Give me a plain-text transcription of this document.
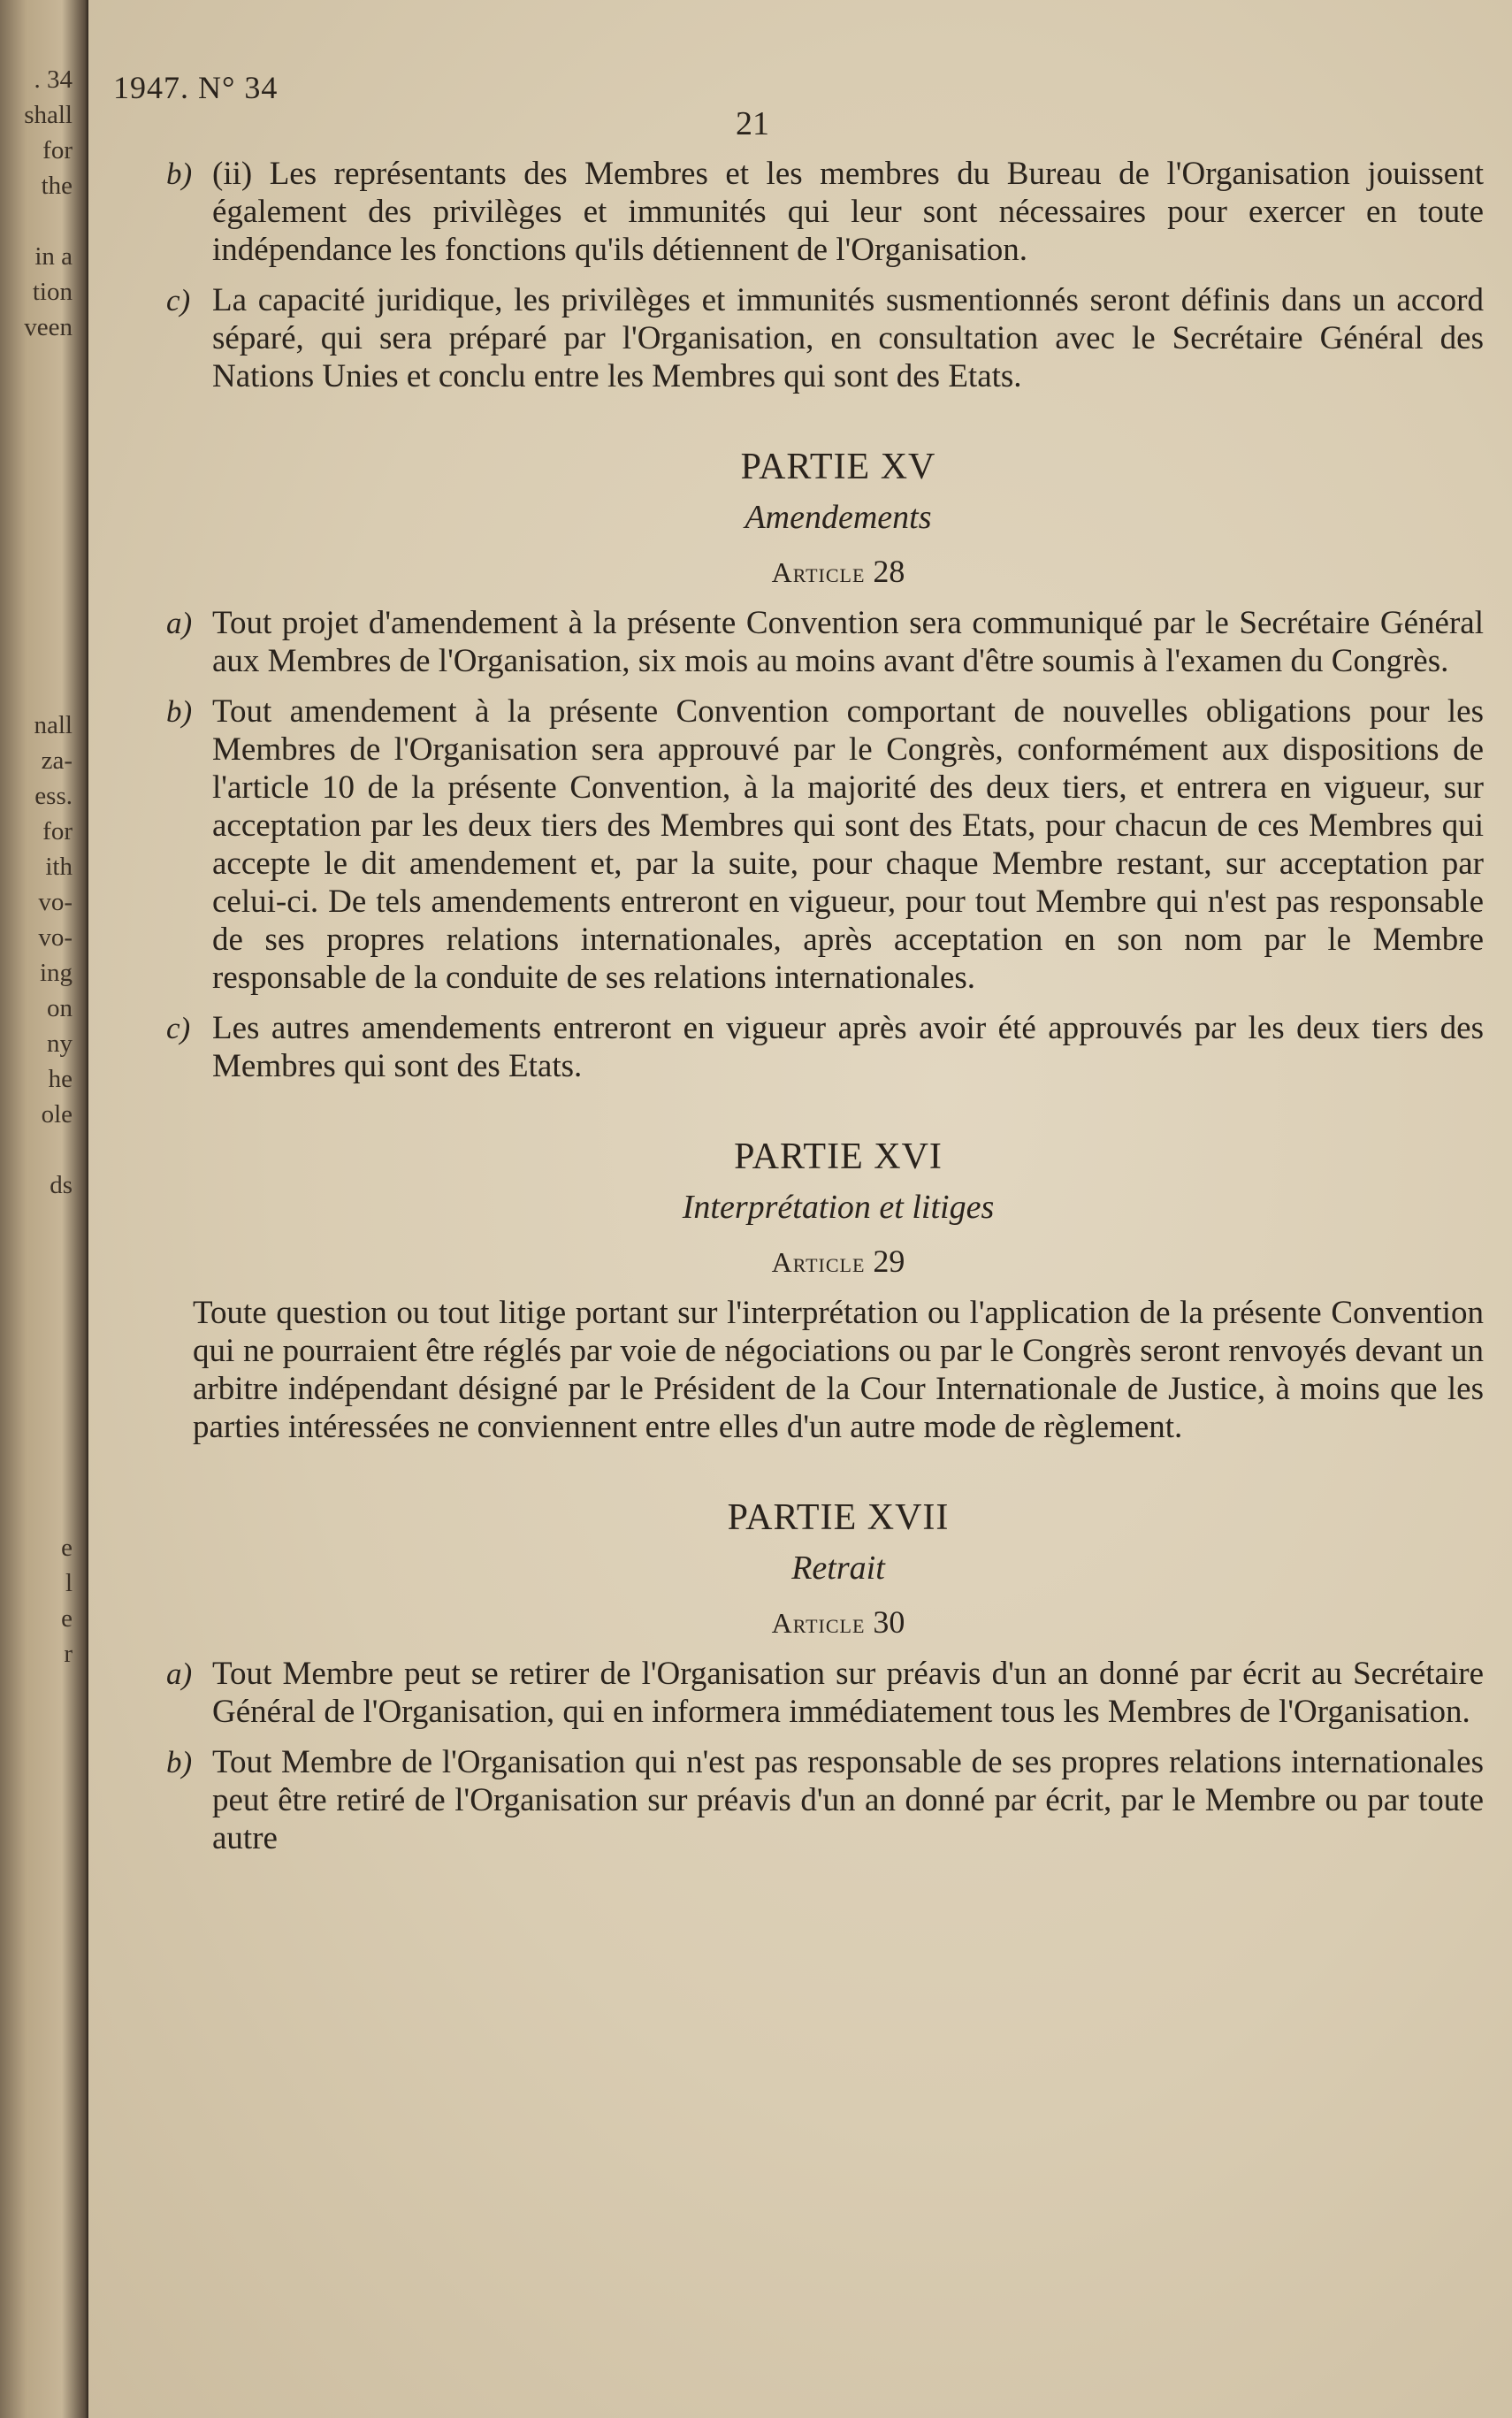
. 34
shall
for
the

in a
tion
veen
nall
za-
ess.
for
ith
vo-
vo-
ing
on
ny
he
ole

ds
e
l
e
r
1947. N° 34
21

b) (ii) Les représentants des Membres et les membres du Bureau de l'Organisation jouissent également des privilèges et immunités qui leur sont nécessaires pour exercer en toute indépendance les fonctions qu'ils détiennent de l'Organisation.

c) La capacité juridique, les privilèges et immunités susmentionnés seront définis dans un accord séparé, qui sera préparé par l'Organisation, en consultation avec le Secrétaire Général des Nations Unies et conclu entre les Membres qui sont des Etats.

PARTIE XV
Amendements
Article 28

a) Tout projet d'amendement à la présente Convention sera communiqué par le Secrétaire Général aux Membres de l'Organisation, six mois au moins avant d'être soumis à l'examen du Congrès.

b) Tout amendement à la présente Convention comportant de nouvelles obligations pour les Membres de l'Organisation sera approuvé par le Congrès, conformément aux dispositions de l'article 10 de la présente Convention, à la majorité des deux tiers, et entrera en vigueur, sur acceptation par les deux tiers des Membres qui sont des Etats, pour chacun de ces Membres qui accepte le dit amendement et, par la suite, pour chaque Membre restant, sur acceptation par celui-ci. De tels amendements entreront en vigueur, pour tout Membre qui n'est pas responsable de ses propres relations internationales, après acceptation en son nom par le Membre responsable de la conduite de ses relations internationales.

c) Les autres amendements entreront en vigueur après avoir été approuvés par les deux tiers des Membres qui sont des Etats.

PARTIE XVI
Interprétation et litiges
Article 29

Toute question ou tout litige portant sur l'interprétation ou l'application de la présente Convention qui ne pourraient être réglés par voie de négociations ou par le Congrès seront renvoyés devant un arbitre indépendant désigné par le Président de la Cour Internationale de Justice, à moins que les parties intéressées ne conviennent entre elles d'un autre mode de règlement.

PARTIE XVII
Retrait
Article 30

a) Tout Membre peut se retirer de l'Organisation sur préavis d'un an donné par écrit au Secrétaire Général de l'Organisation, qui en informera immédiatement tous les Membres de l'Organisation.

b) Tout Membre de l'Organisation qui n'est pas responsable de ses propres relations internationales peut être retiré de l'Organisation sur préavis d'un an donné par écrit, par le Membre ou par toute autre
